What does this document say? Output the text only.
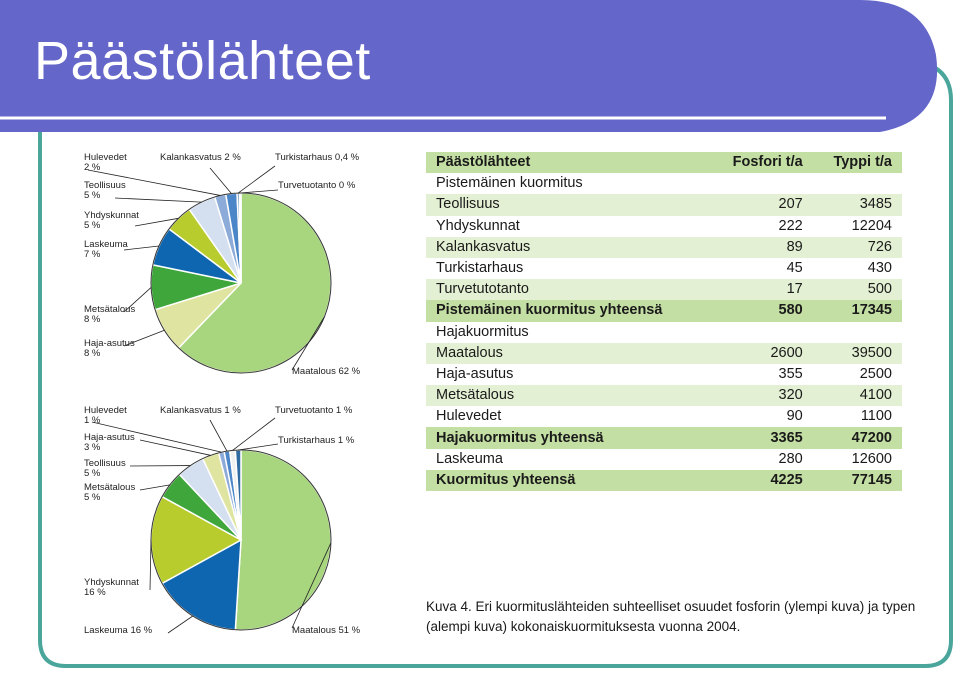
Päästölähteet
Maatalous 62 %
Haja-asutus
8 %
Metsätalous
8 %
Laskeuma
7 %
Yhdyskunnat
5 %
Teollisuus
5 %
Hulevedet
2 %
Kalankasvatus 2 %	Turkistarhaus 0,4 %
Turvetuotanto 0 %
Maatalous 51 %
Laskeuma 16 %
Yhdyskunnat
16 %
Metsätalous
5 %
Teollisuus
5 %
Haja-asutus
3 %
Hulevedet
1 %
Kalankasvatus 1 %	Turvetuotanto 1 %
Turkistarhaus 1 %
Päästölähteet	Fosfori t/a	Typpi t/a
Pistemäinen kuormitus		
Teollisuus	207	3485
Yhdyskunnat	222	12204
Kalankasvatus	89	726
Turkistarhaus	45	430
Turvetutotanto	17	500
Pistemäinen kuormitus yhteensä	580	17345
Hajakuormitus		
Maatalous	2600	39500
Haja-asutus	355	2500
Metsätalous	320	4100
Hulevedet	90	1100
Hajakuormitus yhteensä	3365	47200
Laskeuma	280	12600
Kuormitus yhteensä	4225	77145
Kuva 4. Eri kuormituslähteiden suhteelliset osuudet fosforin (ylempi kuva) ja typen (alempi kuva) kokonaiskuormituksesta vuonna 2004.
